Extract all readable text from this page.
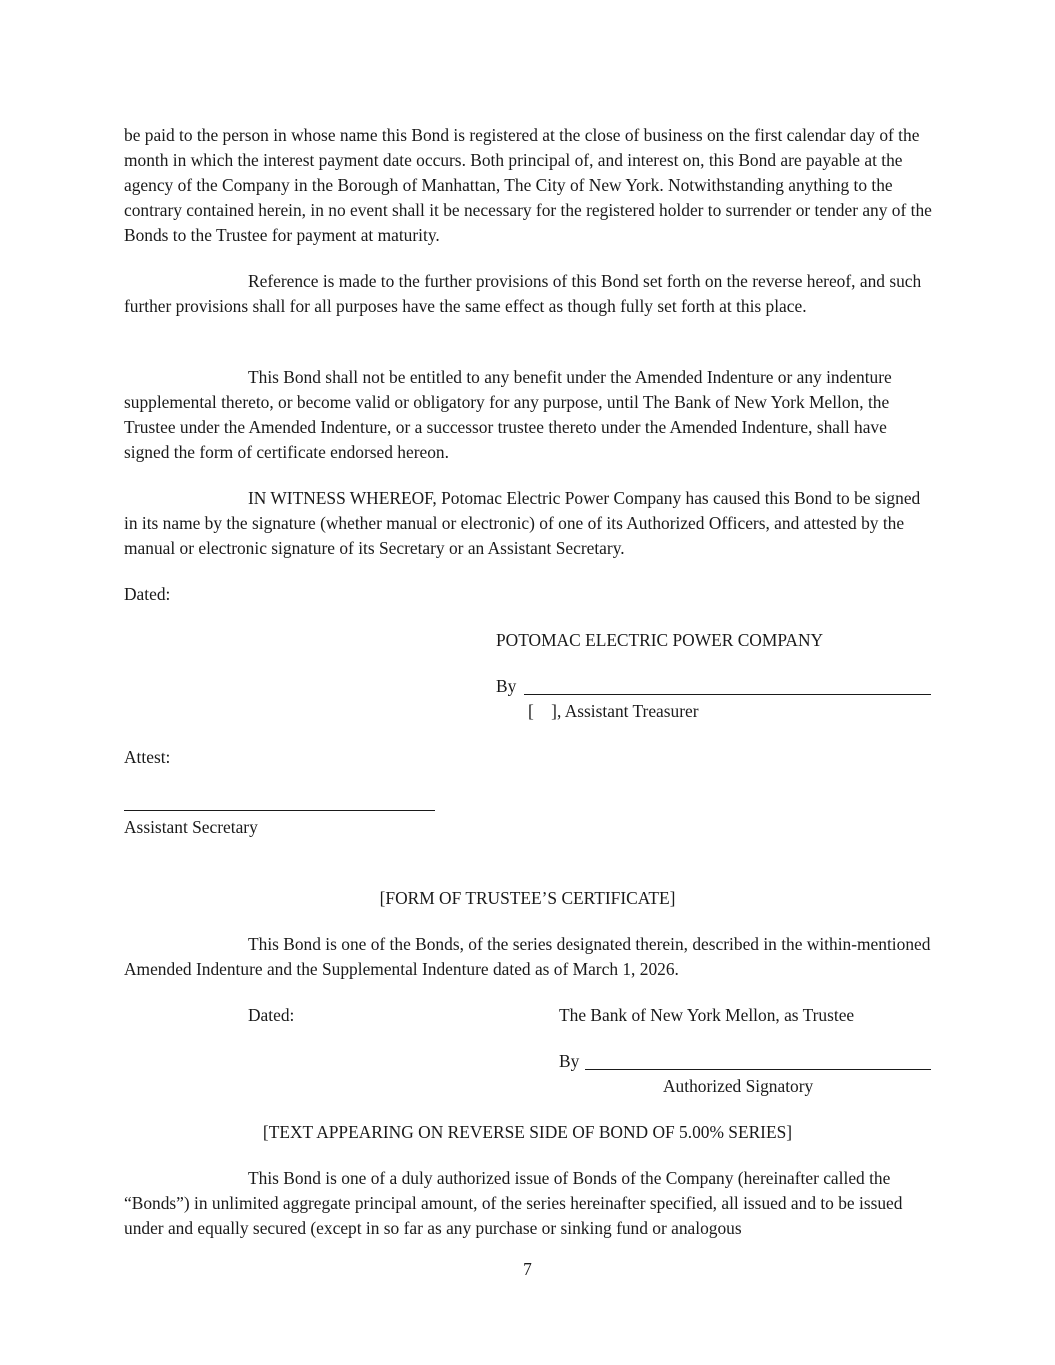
be paid to the person in whose name this Bond is registered at the close of business on the first calendar day of the month in which the interest payment date occurs. Both principal of, and interest on, this Bond are payable at the agency of the Company in the Borough of Manhattan, The City of New York. Notwithstanding anything to the contrary contained herein, in no event shall it be necessary for the registered holder to surrender or tender any of the Bonds to the Trustee for payment at maturity.

Reference is made to the further provisions of this Bond set forth on the reverse hereof, and such further provisions shall for all purposes have the same effect as though fully set forth at this place.

This Bond shall not be entitled to any benefit under the Amended Indenture or any indenture supplemental thereto, or become valid or obligatory for any purpose, until The Bank of New York Mellon, the Trustee under the Amended Indenture, or a successor trustee thereto under the Amended Indenture, shall have signed the form of certificate endorsed hereon.

IN WITNESS WHEREOF, Potomac Electric Power Company has caused this Bond to be signed in its name by the signature (whether manual or electronic) of one of its Authorized Officers, and attested by the manual or electronic signature of its Secretary or an Assistant Secretary.

Dated:

POTOMAC ELECTRIC POWER COMPANY

By

[    ], Assistant Treasurer

Attest:

Assistant Secretary

[FORM OF TRUSTEE’S CERTIFICATE]

This Bond is one of the Bonds, of the series designated therein, described in the within-mentioned Amended Indenture and the Supplemental Indenture dated as of March 1, 2026.

Dated:	The Bank of New York Mellon, as Trustee

By

Authorized Signatory

[TEXT APPEARING ON REVERSE SIDE OF BOND OF 5.00% SERIES]

This Bond is one of a duly authorized issue of Bonds of the Company (hereinafter called the “Bonds”) in unlimited aggregate principal amount, of the series hereinafter specified, all issued and to be issued under and equally secured (except in so far as any purchase or sinking fund or analogous

7
